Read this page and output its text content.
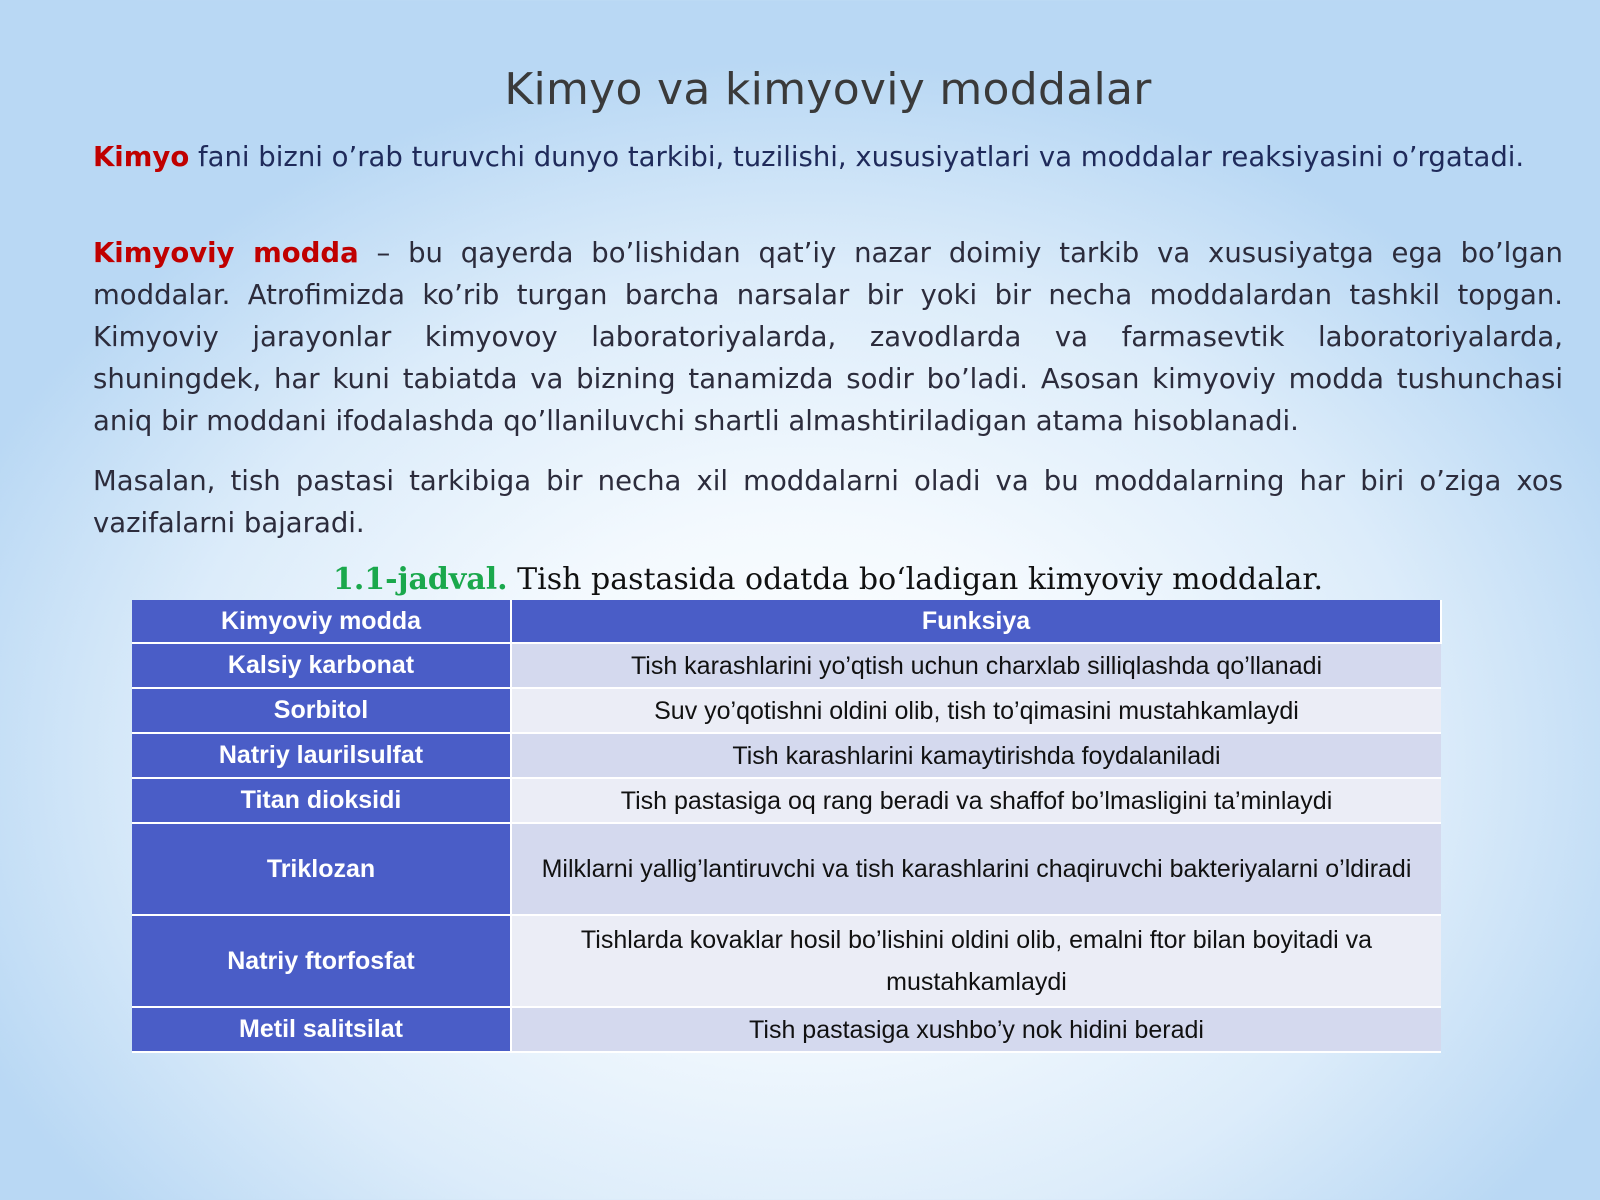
Kimyo va kimyoviy moddalar
Kimyo fani bizni o’rab turuvchi dunyo tarkibi, tuzilishi, xususiyatlari va moddalar reaksiyasini o’rgatadi.
Kimyoviy modda – bu qayerda bo’lishidan qat’iy nazar doimiy tarkib va xususiyatga ega bo’lgan moddalar. Atrofimizda ko’rib turgan barcha narsalar bir yoki bir necha moddalardan tashkil topgan. Kimyoviy jarayonlar kimyovoy laboratoriyalarda, zavodlarda va farmasevtik laboratoriyalarda, shuningdek, har kuni tabiatda va bizning tanamizda sodir bo’ladi. Asosan kimyoviy modda tushunchasi aniq bir moddani ifodalashda qo’llaniluvchi shartli almashtiriladigan atama hisoblanadi.
Masalan, tish pastasi tarkibiga bir necha xil moddalarni oladi va bu moddalarning har biri o’ziga xos vazifalarni bajaradi.
1.1-jadval. Tish pastasida odatda boʻladigan kimyoviy moddalar.
Kimyoviy modda	Funksiya
Kalsiy karbonat	Tish karashlarini yo’qtish uchun charxlab silliqlashda qo’llanadi
Sorbitol	Suv yo’qotishni oldini olib, tish to’qimasini mustahkamlaydi
Natriy laurilsulfat	Tish karashlarini kamaytirishda foydalaniladi
Titan dioksidi	Tish pastasiga oq rang beradi va shaffof bo’lmasligini ta’minlaydi
Triklozan	Milklarni yallig’lantiruvchi va tish karashlarini chaqiruvchi bakteriyalarni o’ldiradi
Natriy ftorfosfat	Tishlarda kovaklar hosil bo’lishini oldini olib, emalni ftor bilan boyitadi va mustahkamlaydi
Metil salitsilat	Tish pastasiga xushbo’y nok hidini beradi
